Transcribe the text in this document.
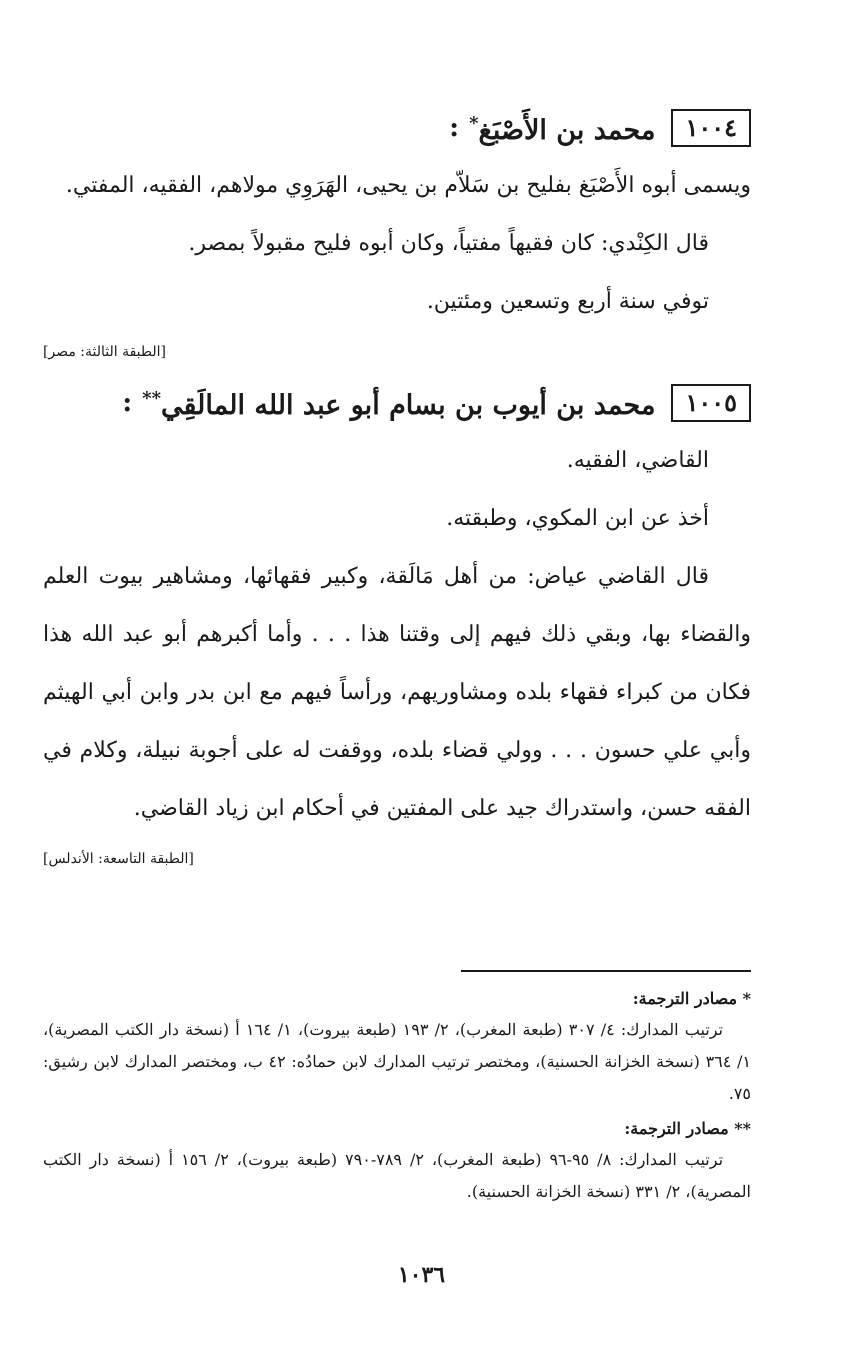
١٠٠٤
محمد بن الأَصْبَغ*
:

ويسمى أبوه الأَصْبَغ بفليح بن سَلاّم بن يحيى، الهَرَوِي مولاهم، الفقيه، المفتي.

قال الكِنْدي: كان فقيهاً مفتياً، وكان أبوه فليح مقبولاً بمصر.

توفي سنة أربع وتسعين ومئتين.

[الطبقة الثالثة: مصر]
١٠٠٥
محمد بن أيوب بن بسام أبو عبد الله المالَقِي**
:

القاضي، الفقيه.

أخذ عن ابن المكوي، وطبقته.

قال القاضي عياض: من أهل مَالَقة، وكبير فقهائها، ومشاهير بيوت العلم والقضاء بها، وبقي ذلك فيهم إلى وقتنا هذا . . . وأما أكبرهم أبو عبد الله هذا فكان من كبراء فقهاء بلده ومشاوريهم، ورأساً فيهم مع ابن بدر وابن أبي الهيثم وأبي علي حسون . . . وولي قضاء بلده، ووقفت له على أجوبة نبيلة، وكلام في الفقه حسن، واستدراك جيد على المفتين في أحكام ابن زياد القاضي.

[الطبقة التاسعة: الأندلس]

* مصادر الترجمة:

ترتيب المدارك: ٤/ ٣٠٧ (طبعة المغرب)، ٢/ ١٩٣ (طبعة بيروت)، ١/ ١٦٤ أ (نسخة دار الكتب المصرية)، ١/ ٣٦٤ (نسخة الخزانة الحسنية)، ومختصر ترتيب المدارك لابن حمادُه: ٤٢ ب، ومختصر المدارك لابن رشيق: ٧٥.

** مصادر الترجمة:

ترتيب المدارك: ٨/ ٩٥-٩٦ (طبعة المغرب)، ٢/ ٧٨٩-٧٩٠ (طبعة بيروت)، ٢/ ١٥٦ أ (نسخة دار الكتب المصرية)، ٢/ ٣٣١ (نسخة الخزانة الحسنية).

١٠٣٦
